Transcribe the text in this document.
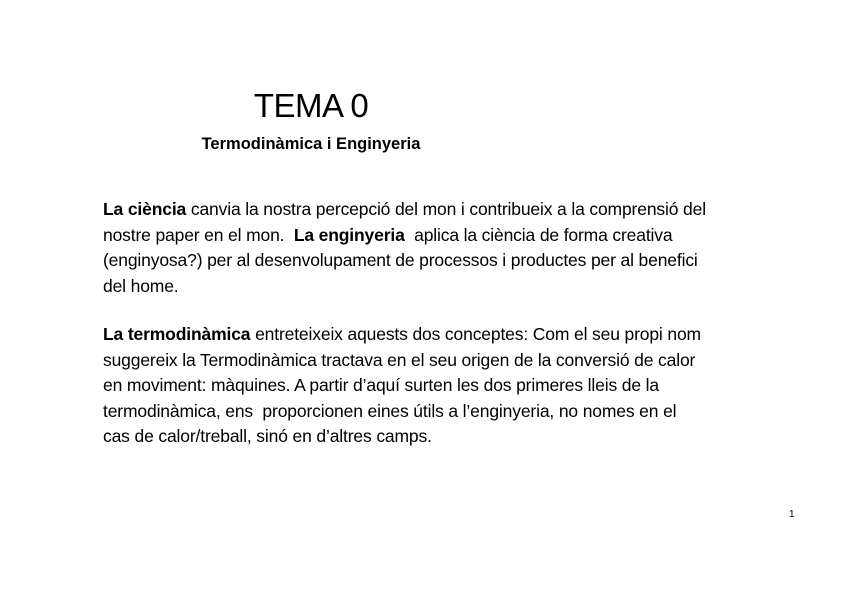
TEMA 0
Termodinàmica i Enginyeria
La ciència canvia la nostra percepció del mon i contribueix a la comprensió del
nostre paper en el mon.  La enginyeria  aplica la ciència de forma creativa
(enginyosa?) per al desenvolupament de processos i productes per al benefici
del home.
La termodinàmica entreteixeix aquests dos conceptes: Com el seu propi nom
suggereix la Termodinàmica tractava en el seu origen de la conversió de calor
en moviment: màquines. A partir d’aquí surten les dos primeres lleis de la
termodinàmica, ens  proporcionen eines útils a l’enginyeria, no nomes en el
cas de calor/treball, sinó en d’altres camps.
1
